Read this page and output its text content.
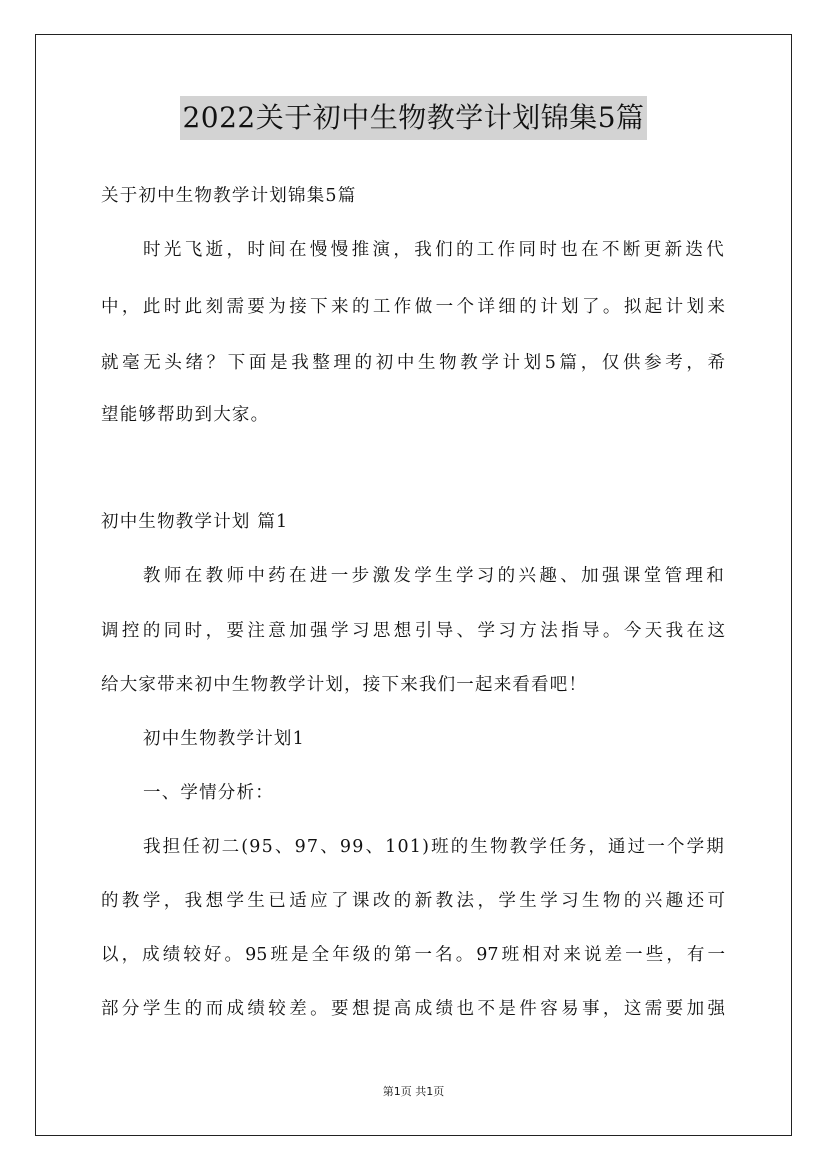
2022关于初中生物教学计划锦集5篇
关于初中生物教学计划锦集5篇
时光飞逝，时间在慢慢推演，我们的工作同时也在不断更新迭代
中，此时此刻需要为接下来的工作做一个详细的计划了。拟起计划来
就毫无头绪？下面是我整理的初中生物教学计划5篇，仅供参考，希
望能够帮助到大家。
初中生物教学计划 篇1
教师在教师中药在进一步激发学生学习的兴趣、加强课堂管理和
调控的同时，要注意加强学习思想引导、学习方法指导。今天我在这
给大家带来初中生物教学计划，接下来我们一起来看看吧！
初中生物教学计划1
一、学情分析：
我担任初二(95、97、99、101)班的生物教学任务，通过一个学期
的教学，我想学生已适应了课改的新教法，学生学习生物的兴趣还可
以，成绩较好。95班是全年级的第一名。97班相对来说差一些，有一
部分学生的而成绩较差。要想提高成绩也不是件容易事，这需要加强
第1页 共1页
